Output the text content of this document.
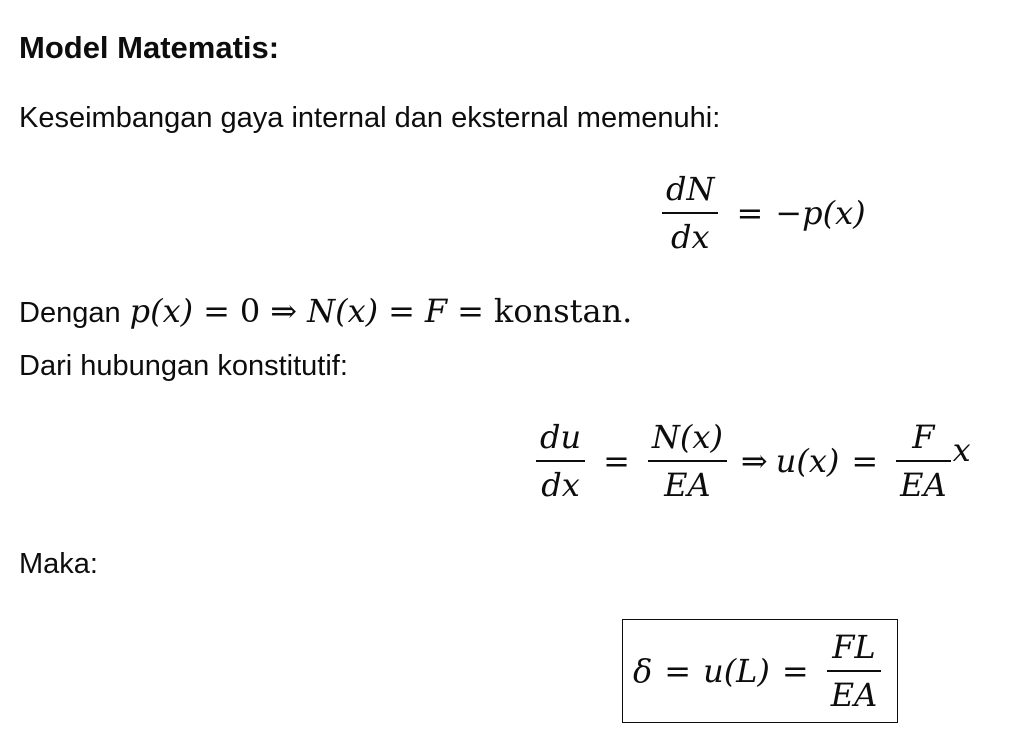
Model Matematis:
Keseimbangan gaya internal dan eksternal memenuhi:
$\frac{dN}{dx} = -p(x)$
Dengan p(x) = 0 ⇒ N(x) = F = konstan.
Dari hubungan konstitutif:
$\frac{du}{dx} = \frac{N(x)}{EA}$ ⇒ $u(x) = \frac{F}{EA}$ x
Maka:
$\delta = u(L) = \frac{FL}{EA}$
